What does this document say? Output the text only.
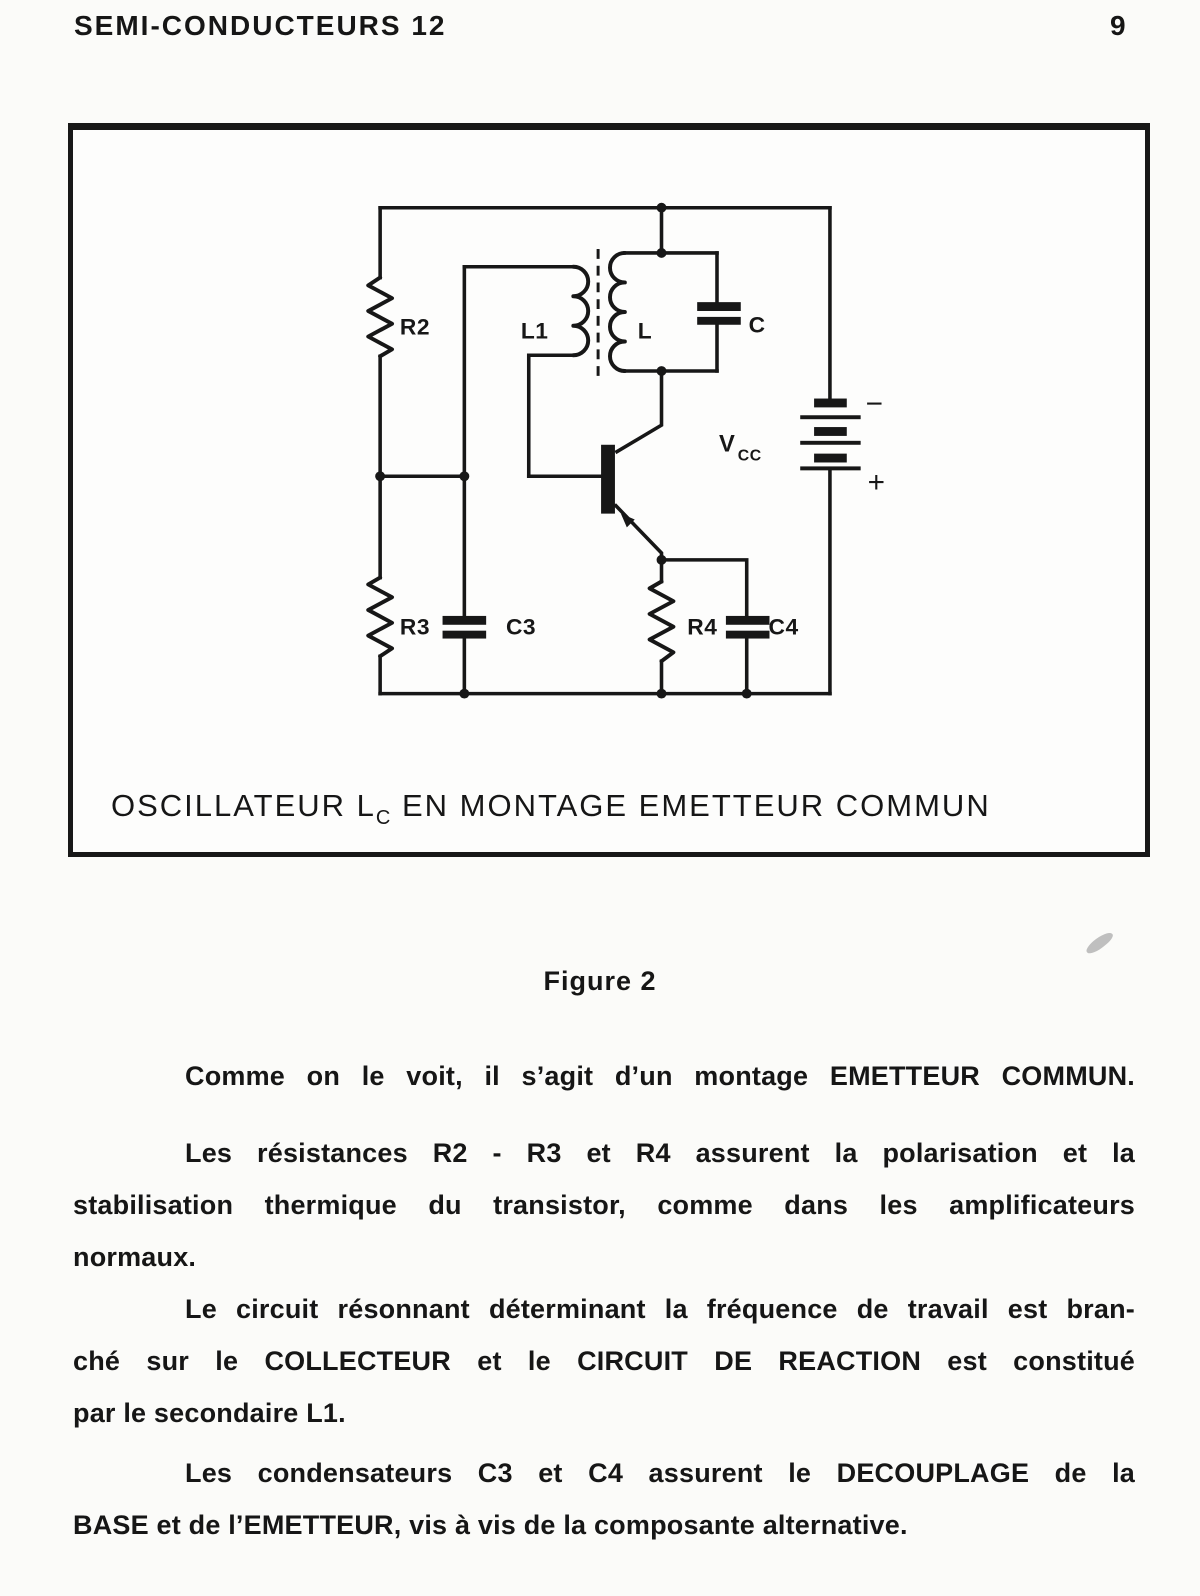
SEMI-CONDUCTEURS 12	9
−
+
R2	L1	L	C
V CC
R3	C3	R4 C4
OSCILLATEUR $L_C$ EN MONTAGE EMETTEUR COMMUN
Figure 2
Comme on le voit, il s’agit d’un montage EMETTEUR COMMUN.
Les résistances R2 - R3 et R4 assurent la polarisation et la
stabilisation thermique du transistor, comme dans les amplificateurs
normaux.
Le circuit résonnant déterminant la fréquence de travail est bran-
ché sur le COLLECTEUR et le CIRCUIT DE REACTION est constitué
par le secondaire L1.
Les condensateurs C3 et C4 assurent le DECOUPLAGE de la
BASE et de l’EMETTEUR, vis à vis de la composante alternative.
